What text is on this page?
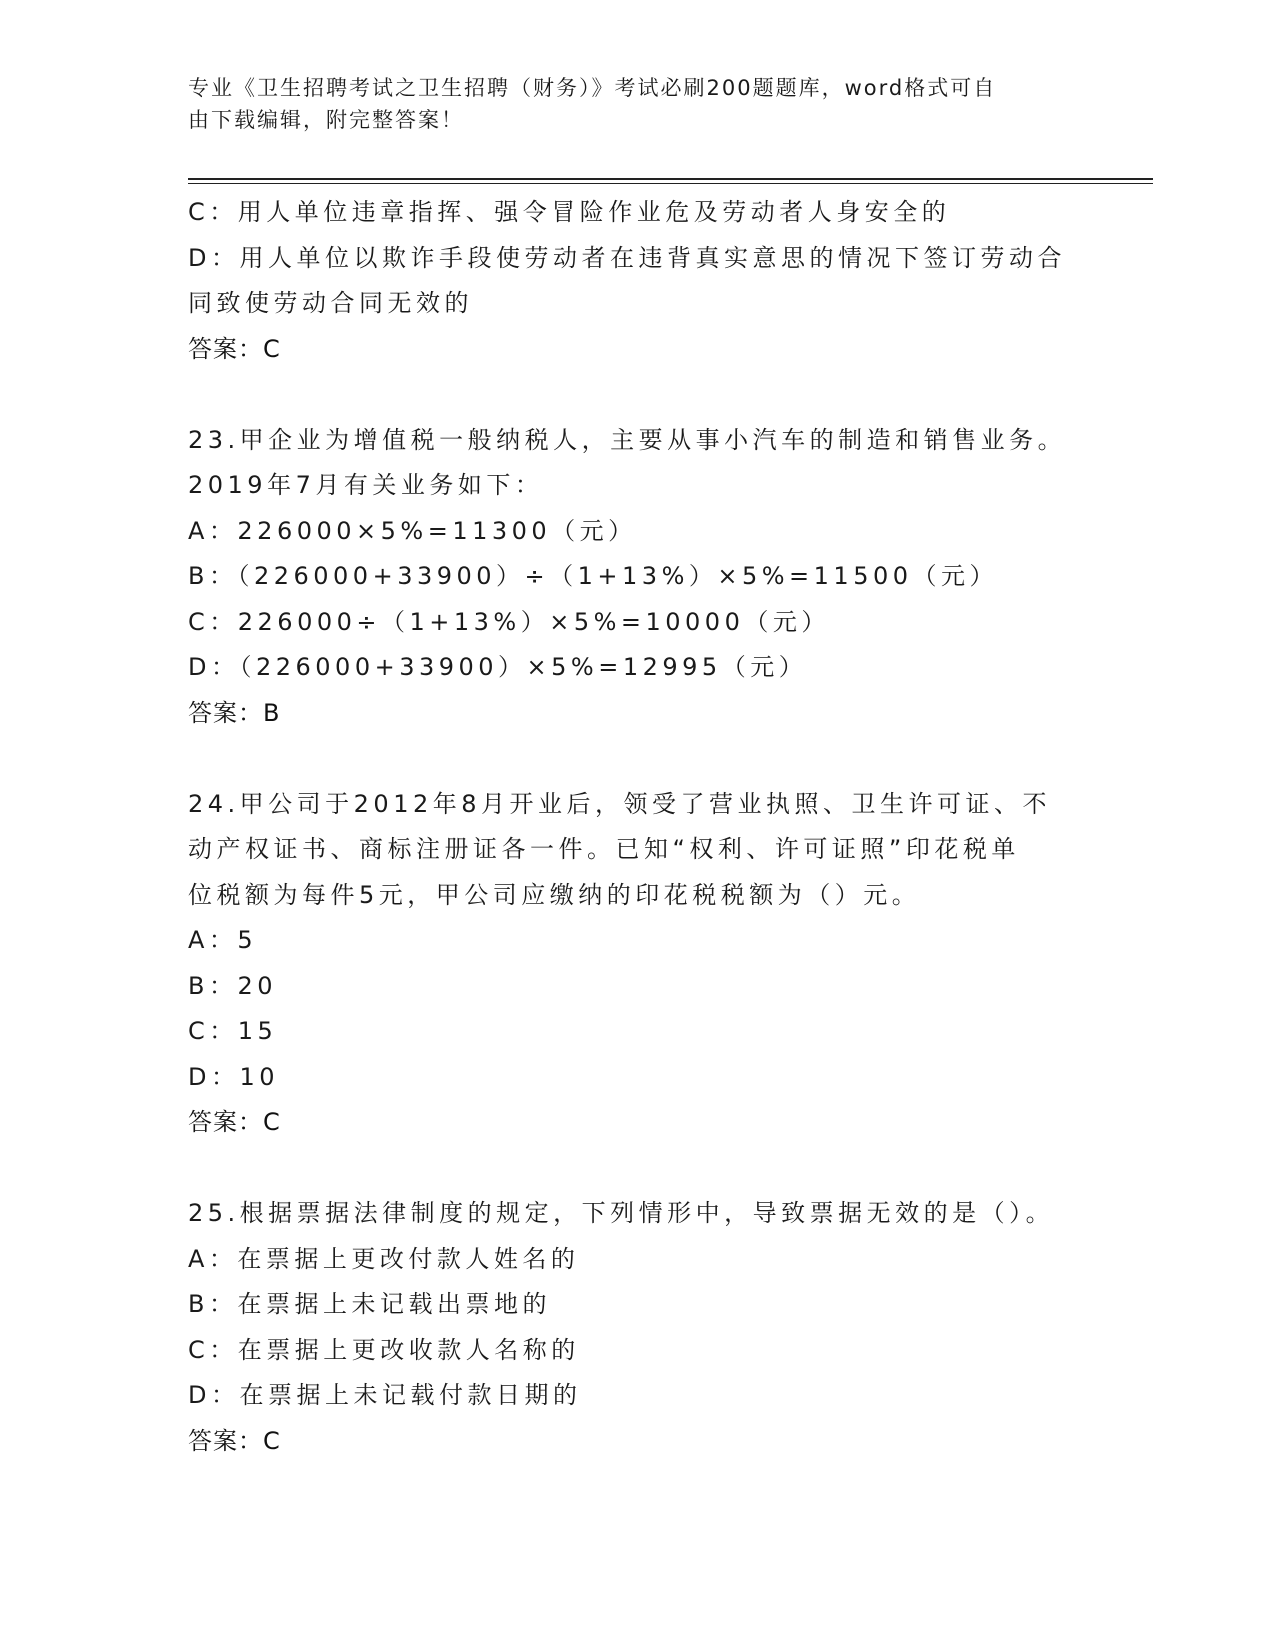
专业《卫生招聘考试之卫生招聘（财务）》考试必刷200题题库，word格式可自
由下载编辑，附完整答案！
C：用人单位违章指挥、强令冒险作业危及劳动者人身安全的
D：用人单位以欺诈手段使劳动者在违背真实意思的情况下签订劳动合
同致使劳动合同无效的
答案：C
23.甲企业为增值税一般纳税人，主要从事小汽车的制造和销售业务。
2019年7月有关业务如下：
A：226000×5%=11300（元）
B：（226000+33900）÷（1+13%）×5%=11500（元）
C：226000÷（1+13%）×5%=10000（元）
D：（226000+33900）×5%=12995（元）
答案：B
24.甲公司于2012年8月开业后，领受了营业执照、卫生许可证、不
动产权证书、商标注册证各一件。已知“权利、许可证照”印花税单
位税额为每件5元，甲公司应缴纳的印花税税额为（）元。
A：5
B：20
C：15
D：10
答案：C
25.根据票据法律制度的规定，下列情形中，导致票据无效的是（）。
A：在票据上更改付款人姓名的
B：在票据上未记载出票地的
C：在票据上更改收款人名称的
D：在票据上未记载付款日期的
答案：C
